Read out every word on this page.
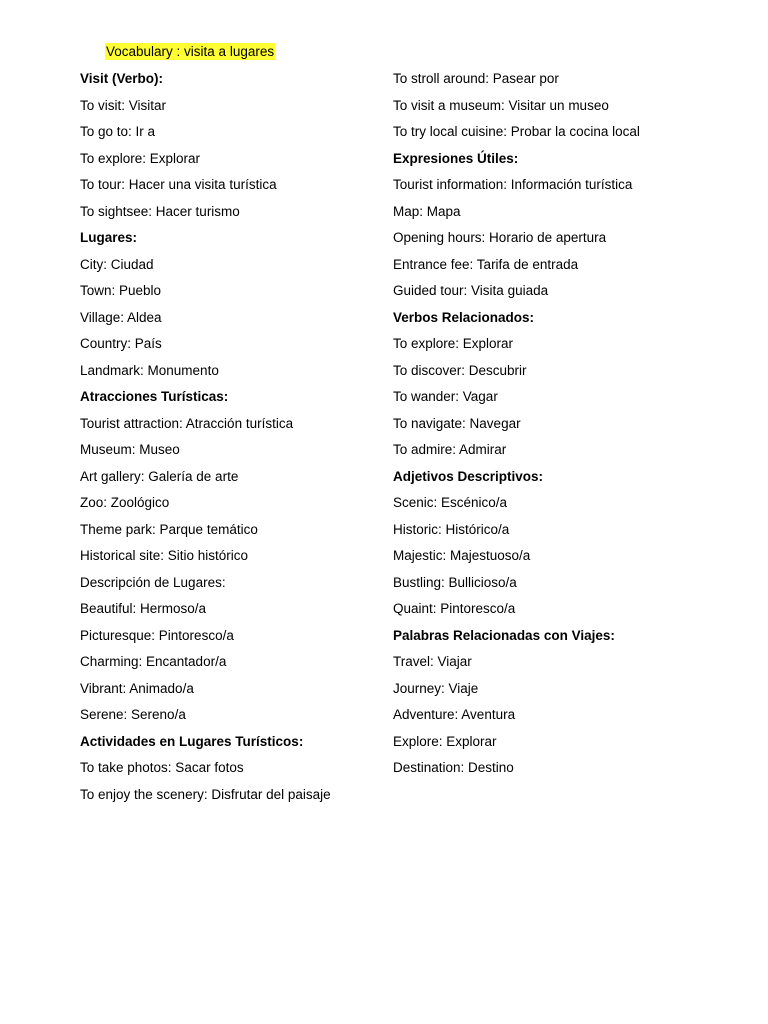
Vocabulary : visita a lugares
Visit (Verbo):
To visit: Visitar
To go to: Ir a
To explore: Explorar
To tour: Hacer una visita turística
To sightsee: Hacer turismo
Lugares:
City: Ciudad
Town: Pueblo
Village: Aldea
Country: País
Landmark: Monumento
Atracciones Turísticas:
Tourist attraction: Atracción turística
Museum: Museo
Art gallery: Galería de arte
Zoo: Zoológico
Theme park: Parque temático
Historical site: Sitio histórico
Descripción de Lugares:
Beautiful: Hermoso/a
Picturesque: Pintoresco/a
Charming: Encantador/a
Vibrant: Animado/a
Serene: Sereno/a
Actividades en Lugares Turísticos:
To take photos: Sacar fotos
To enjoy the scenery: Disfrutar del paisaje
To stroll around: Pasear por
To visit a museum: Visitar un museo
To try local cuisine: Probar la cocina local
Expresiones Útiles:
Tourist information: Información turística
Map: Mapa
Opening hours: Horario de apertura
Entrance fee: Tarifa de entrada
Guided tour: Visita guiada
Verbos Relacionados:
To explore: Explorar
To discover: Descubrir
To wander: Vagar
To navigate: Navegar
To admire: Admirar
Adjetivos Descriptivos:
Scenic: Escénico/a
Historic: Histórico/a
Majestic: Majestuoso/a
Bustling: Bullicioso/a
Quaint: Pintoresco/a
Palabras Relacionadas con Viajes:
Travel: Viajar
Journey: Viaje
Adventure: Aventura
Explore: Explorar
Destination: Destino
